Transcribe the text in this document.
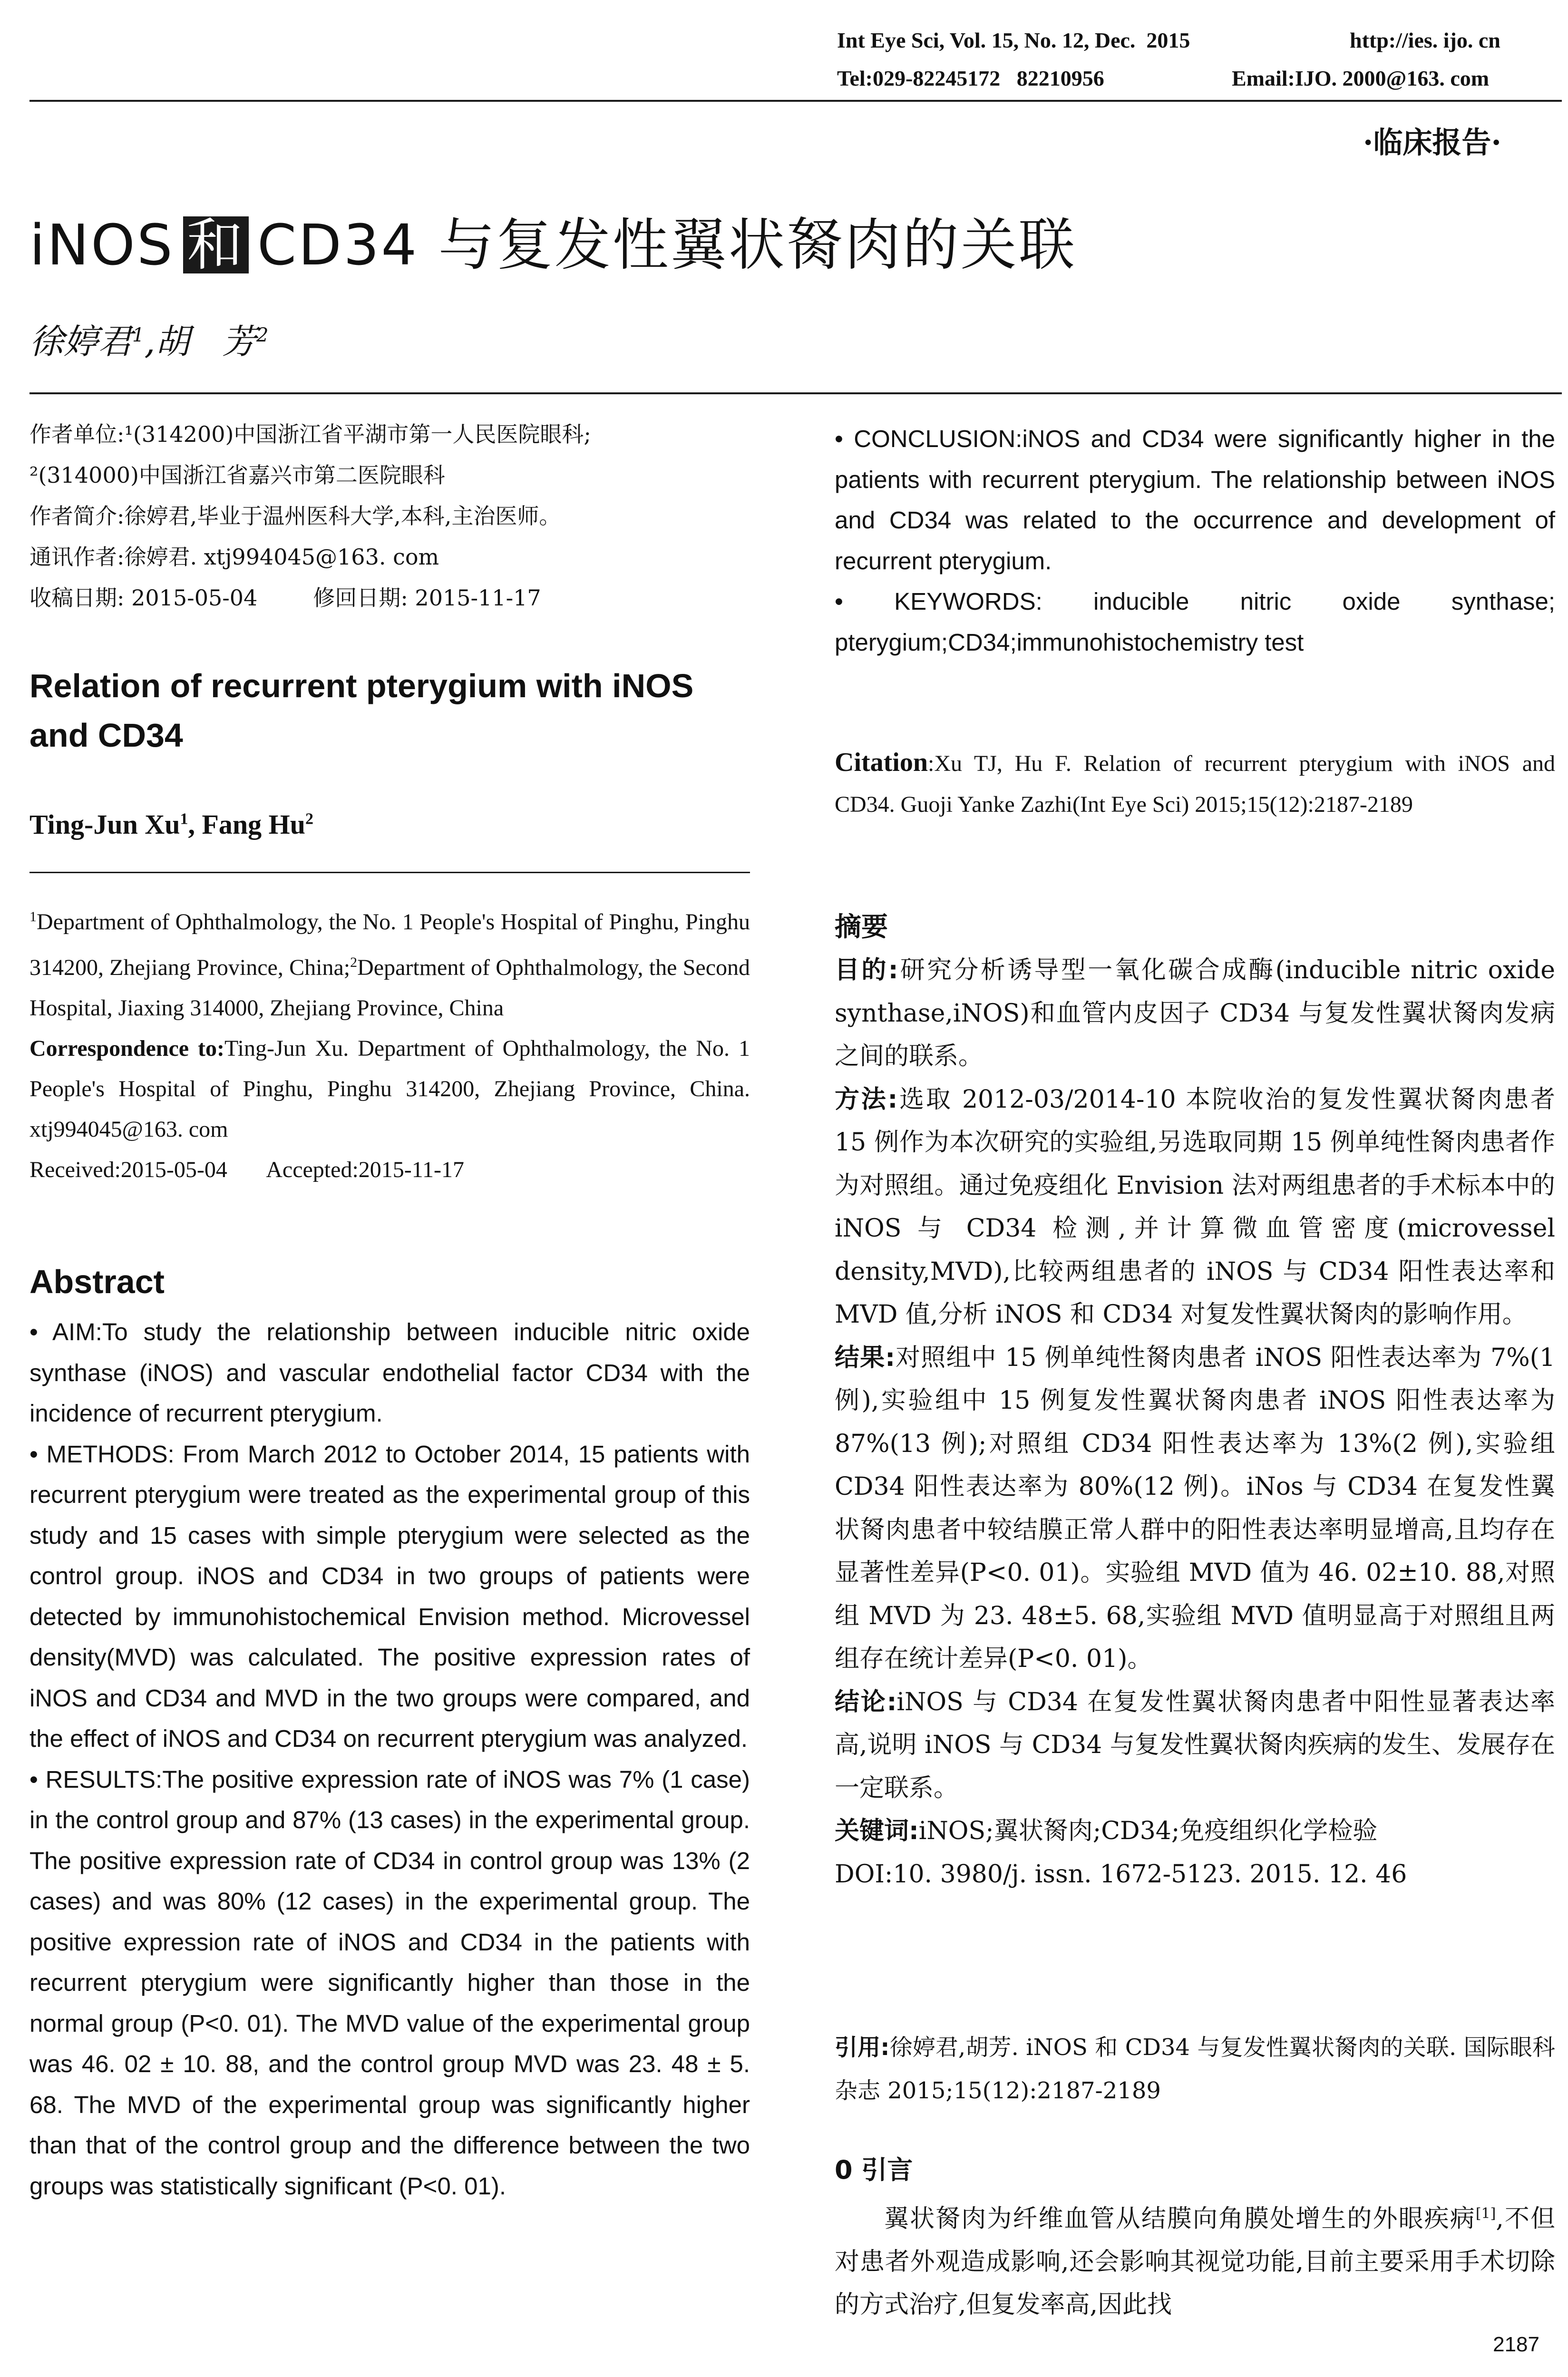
Int Eye Sci, Vol. 15, No. 12, Dec.  2015	http://ies. ijo. cn
Tel:029-82245172   82210956	Email:IJO. 2000@163. com
·临床报告·
iNOS 和 CD34 与复发性翼状胬肉的关联
徐婷君$^1$,胡 芳$^2$

作者单位:¹(314200)中国浙江省平湖市第一人民医院眼科;

²(314000)中国浙江省嘉兴市第二医院眼科

作者简介:徐婷君,毕业于温州医科大学,本科,主治医师。

通讯作者:徐婷君. xtj994045@163. com

收稿日期: 2015-05-04        修回日期: 2015-11-17

Relation of recurrent pterygium with iNOS and CD34
Ting-Jun Xu$^1$, Fang Hu$^2$
$^1$Department of Ophthalmology, the No. 1 People's Hospital of Pinghu, Pinghu 314200, Zhejiang Province, China;$^2$Department of Ophthalmology, the Second Hospital, Jiaxing 314000, Zhejiang Province, China
Correspondence to:Ting-Jun Xu. Department of Ophthalmology, the No. 1 People's Hospital of Pinghu, Pinghu 314200, Zhejiang Province, China. xtj994045@163. com
Received:2015-05-04       Accepted:2015-11-17
Abstract

• AIM:To study the relationship between inducible nitric oxide synthase (iNOS) and vascular endothelial factor CD34 with the incidence of recurrent pterygium.

• METHODS: From March 2012 to October 2014, 15 patients with recurrent pterygium were treated as the experimental group of this study and 15 cases with simple pterygium were selected as the control group. iNOS and CD34 in two groups of patients were detected by immunohistochemical Envision method. Microvessel density(MVD) was calculated. The positive expression rates of iNOS and CD34 and MVD in the two groups were compared, and the effect of iNOS and CD34 on recurrent pterygium was analyzed.

• RESULTS:The positive expression rate of iNOS was 7% (1 case) in the control group and 87% (13 cases) in the experimental group. The positive expression rate of CD34 in control group was 13% (2 cases) and was 80% (12 cases) in the experimental group. The positive expression rate of iNOS and CD34 in the patients with recurrent pterygium were significantly higher than those in the normal group (P<0. 01). The MVD value of the experimental group was 46. 02 ± 10. 88, and the control group MVD was 23. 48 ± 5. 68. The MVD of the experimental group was significantly higher than that of the control group and the difference between the two groups was statistically significant (P<0. 01).

• CONCLUSION:iNOS and CD34 were significantly higher in the patients with recurrent pterygium. The relationship between iNOS and CD34 was related to the occurrence and development of recurrent pterygium.

• KEYWORDS: inducible nitric oxide synthase; pterygium;CD34;immunohistochemistry test

Citation:Xu TJ, Hu F. Relation of recurrent pterygium with iNOS and CD34. Guoji Yanke Zazhi(Int Eye Sci) 2015;15(12):2187-2189
摘要

目的:研究分析诱导型一氧化碳合成酶(inducible nitric oxide synthase,iNOS)和血管内皮因子 CD34 与复发性翼状胬肉发病之间的联系。

方法:选取 2012-03/2014-10 本院收治的复发性翼状胬肉患者 15 例作为本次研究的实验组,另选取同期 15 例单纯性胬肉患者作为对照组。通过免疫组化 Envision 法对两组患者的手术标本中的 iNOS 与 CD34 检测,并计算微血管密度(microvessel density,MVD),比较两组患者的 iNOS 与 CD34 阳性表达率和 MVD 值,分析 iNOS 和 CD34 对复发性翼状胬肉的影响作用。

结果:对照组中 15 例单纯性胬肉患者 iNOS 阳性表达率为 7%(1 例),实验组中 15 例复发性翼状胬肉患者 iNOS 阳性表达率为 87%(13 例);对照组 CD34 阳性表达率为 13%(2 例),实验组 CD34 阳性表达率为 80%(12 例)。iNos 与 CD34 在复发性翼状胬肉患者中较结膜正常人群中的阳性表达率明显增高,且均存在显著性差异(P<0. 01)。实验组 MVD 值为 46. 02±10. 88,对照组 MVD 为 23. 48±5. 68,实验组 MVD 值明显高于对照组且两组存在统计差异(P<0. 01)。

结论:iNOS 与 CD34 在复发性翼状胬肉患者中阳性显著表达率高,说明 iNOS 与 CD34 与复发性翼状胬肉疾病的发生、发展存在一定联系。

关键词:iNOS;翼状胬肉;CD34;免疫组织化学检验

DOI:10. 3980/j. issn. 1672-5123. 2015. 12. 46

引用:徐婷君,胡芳. iNOS 和 CD34 与复发性翼状胬肉的关联. 国际眼科杂志 2015;15(12):2187-2189

0 引言

翼状胬肉为纤维血管从结膜向角膜处增生的外眼疾病[1],不但对患者外观造成影响,还会影响其视觉功能,目前主要采用手术切除的方式治疗,但复发率高,因此找

2187
